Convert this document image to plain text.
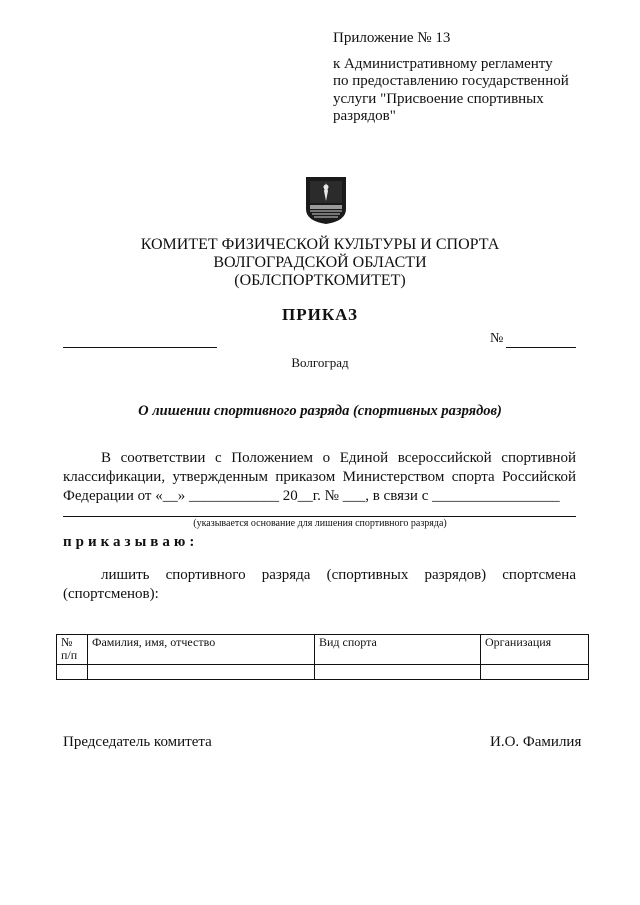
Приложение № 13
к Административному регламенту
по предоставлению государственной
услуги "Присвоение спортивных
разрядов"
КОМИТЕТ ФИЗИЧЕСКОЙ КУЛЬТУРЫ И СПОРТА
ВОЛГОГРАДСКОЙ ОБЛАСТИ
(ОБЛСПОРТКОМИТЕТ)
ПРИКАЗ
№
Волгоград
О лишении спортивного разряда (спортивных разрядов)

В соответствии с Положением о Единой всероссийской спортивной

классификации, утвержденным приказом Министерством спорта Российской

Федерации от «__» ____________ 20__г. № ___, в связи с _________________

(указывается основание для лишения спортивного разряда)
приказываю:

лишить спортивного разряда (спортивных разрядов) спортсмена

(спортсменов):

№ п/п	Фамилия, имя, отчество	Вид спорта	Организация

Председатель комитета	И.О. Фамилия
